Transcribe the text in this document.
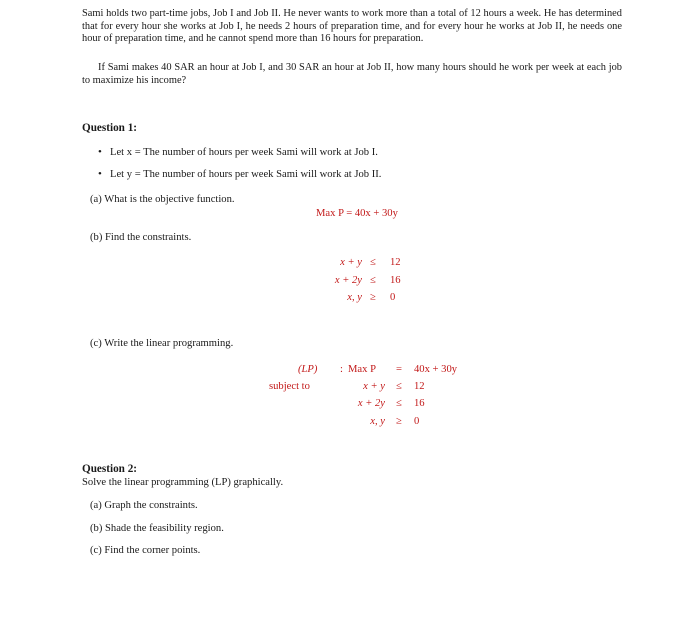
Sami holds two part-time jobs, Job I and Job II. He never wants to work more than a total of 12 hours a week. He has determined that for every hour she works at Job I, he needs 2 hours of preparation time, and for every hour he works at Job II, he needs one hour of preparation time, and he cannot spend more than 16 hours for preparation.
If Sami makes 40 SAR an hour at Job I, and 30 SAR an hour at Job II, how many hours should he work per week at each job to maximize his income?
Question 1:
• Let x = The number of hours per week Sami will work at Job I.
• Let y = The number of hours per week Sami will work at Job II.
(a) What is the objective function.
Max P = 40x + 30y
(b) Find the constraints.
x + y ≤ 12
x + 2y ≤ 16
x, y ≥ 0
(c) Write the linear programming.
(LP) : Max P = 40x + 30y
subject to	x + y ≤ 12
x + 2y ≤ 16
x, y ≥ 0
Question 2:
Solve the linear programming (LP) graphically.
(a) Graph the constraints.
(b) Shade the feasibility region.
(c) Find the corner points.
